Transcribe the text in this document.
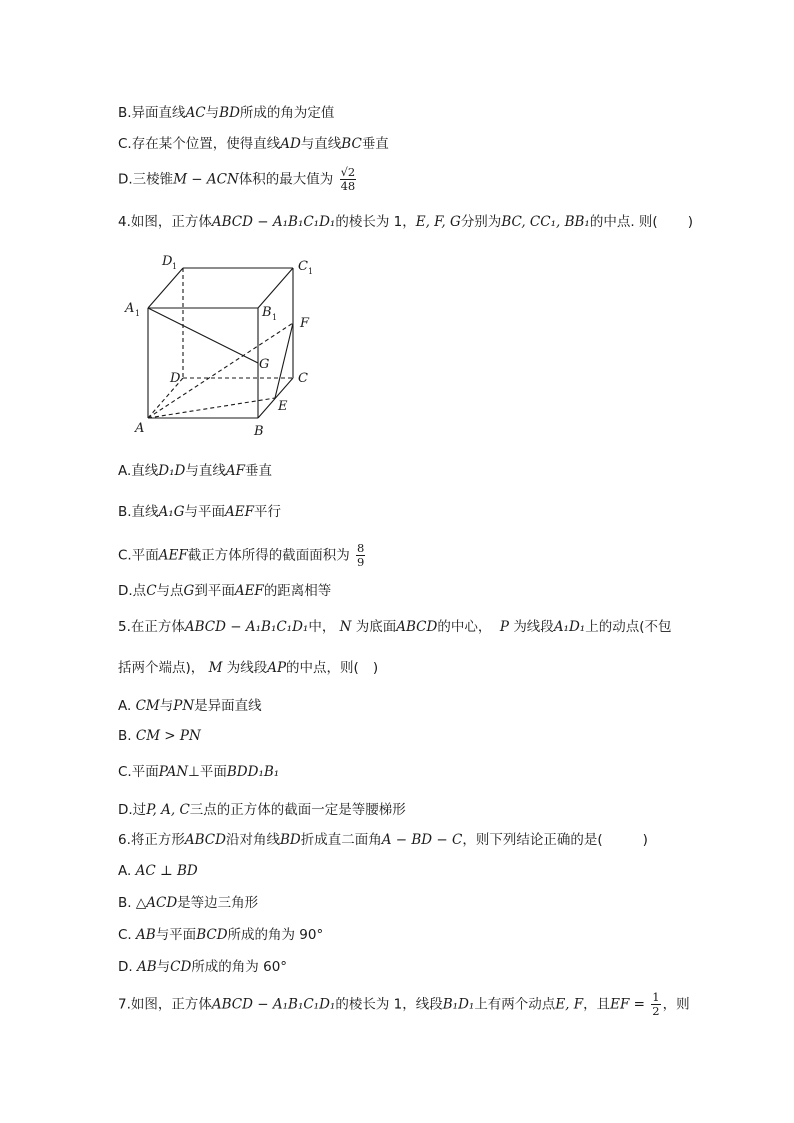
B.异面直线AC与BD所成的角为定值
C.存在某个位置，使得直线AD与直线BC垂直
D.三棱锥M − ACN体积的最大值为 $\frac{√2}{48}$
4.如图，正方体ABCD − A₁B₁C₁D₁的棱长为 1，E, F, G分别为BC, CC₁, BB₁的中点. 则( )
D 1	C 1
A 1	B 1 F
G
D	C
E
A	B
A.直线D₁D与直线AF垂直
B.直线A₁G与平面AEF平行
C.平面AEF截正方体所得的截面面积为 $\frac{8}{9}$
D.点C与点G到平面AEF的距离相等
5.在正方体ABCD − A₁B₁C₁D₁中， N 为底面ABCD的中心， P 为线段A₁D₁上的动点(不包
括两个端点)， M 为线段AP的中点，则( )
A. CM与PN是异面直线
B. CM > PN
C.平面PAN⊥平面BDD₁B₁
D.过P, A, C三点的正方体的截面一定是等腰梯形
6.将正方形ABCD沿对角线BD折成直二面角A − BD − C，则下列结论正确的是(	)
A. AC ⊥ BD
B. △ACD是等边三角形
C. AB与平面BCD所成的角为 90°
D. AB与CD所成的角为 60°
7.如图，正方体ABCD − A₁B₁C₁D₁的棱长为 1，线段B₁D₁上有两个动点E, F，且EF = $\frac{1}{2}$ ，则
